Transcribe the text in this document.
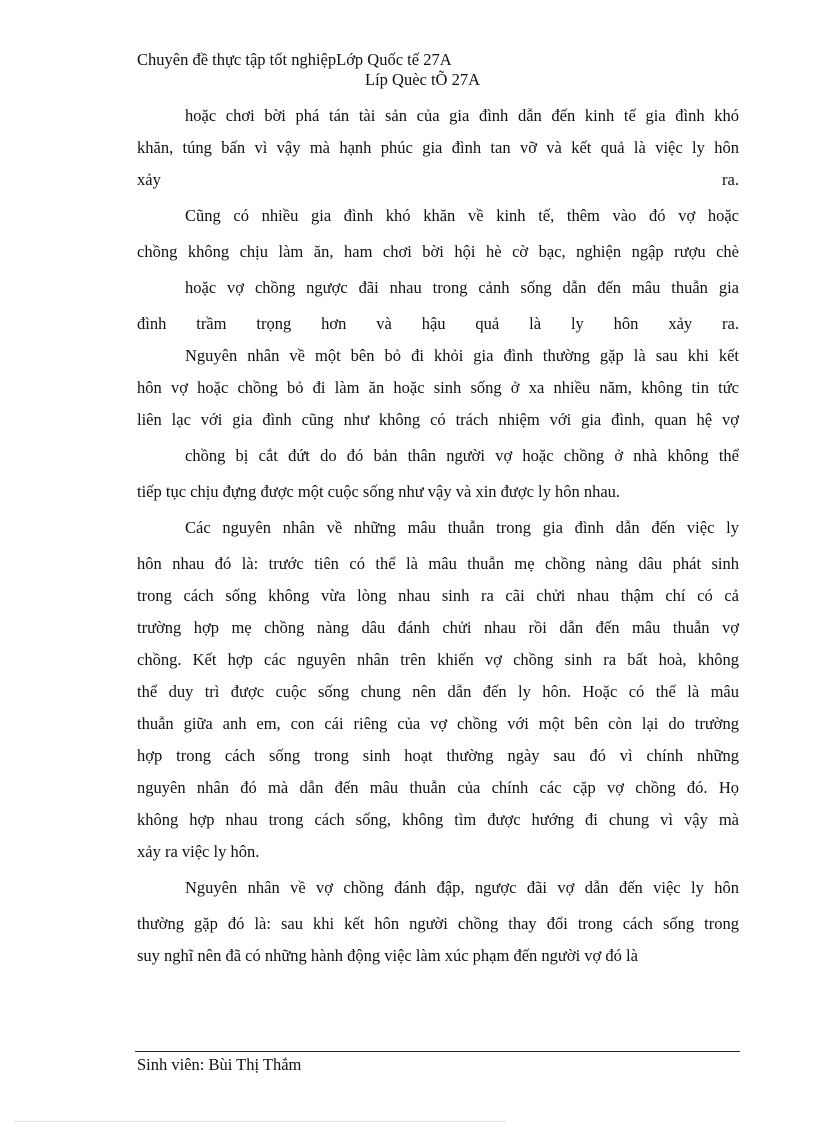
Chuyên đề thực tập tốt nghiệpLớp Quốc tế 27A
Líp Quèc tÕ 27A
hoặc chơi bời phá tán tài sản của gia đình dẫn đến kinh tế gia đình khó
khăn, túng bấn vì vậy mà hạnh phúc gia đình tan vỡ và kết quả là việc ly hôn
xảy	ra.
Cũng có nhiều gia đình khó khăn về kinh tế, thêm vào đó vợ hoặc
chồng không chịu làm ăn, ham chơi bời hội hè cờ bạc, nghiện ngập rượu chè
hoặc vợ chồng ngược đãi nhau trong cảnh sống dẫn đến mâu thuẫn gia
đình trầm trọng hơn và hậu quả là ly hôn xảy ra.
Nguyên nhân về một bên bỏ đi khỏi gia đình thường gặp là sau khi kết
hôn vợ hoặc chồng bỏ đi làm ăn hoặc sinh sống ở xa nhiều năm, không tin tức
liên lạc với gia đình cũng như không có trách nhiệm với gia đình, quan hệ vợ
chồng bị cắt đứt do đó bản thân người vợ hoặc chồng ở nhà không thể
tiếp tục chịu đựng được một cuộc sống như vậy và xin được ly hôn nhau.
Các nguyên nhân về những mâu thuẫn trong gia đình dẫn đến việc ly
hôn nhau đó là: trước tiên có thể là mâu thuẫn mẹ chồng nàng dâu phát sinh
trong cách sống không vừa lòng nhau sinh ra cãi chửi nhau thậm chí có cả
trường hợp mẹ chồng nàng dâu đánh chửi nhau rồi dẫn đến mâu thuẫn vợ
chồng. Kết hợp các nguyên nhân trên khiến vợ chồng sinh ra bất hoà, không
thể duy trì được cuộc sống chung nên dẫn đến ly hôn. Hoặc có thể là mâu
thuẫn giữa anh em, con cái riêng của vợ chồng với một bên còn lại do trường
hợp trong cách sống trong sinh hoạt thường ngày sau đó vì chính những
nguyên nhân đó mà dẫn đến mâu thuẫn của chính các cặp vợ chồng đó. Họ
không hợp nhau trong cách sống, không tìm được hướng đi chung vì vậy mà
xảy ra việc ly hôn.
Nguyên nhân về vợ chồng đánh đập, ngược đãi vợ dẫn đến việc ly hôn
thường gặp đó là: sau khi kết hôn người chồng thay đổi trong cách sống trong
suy nghĩ nên đã có những hành động việc làm xúc phạm đến người vợ đó là
Sinh viên: Bùi Thị Thắm
